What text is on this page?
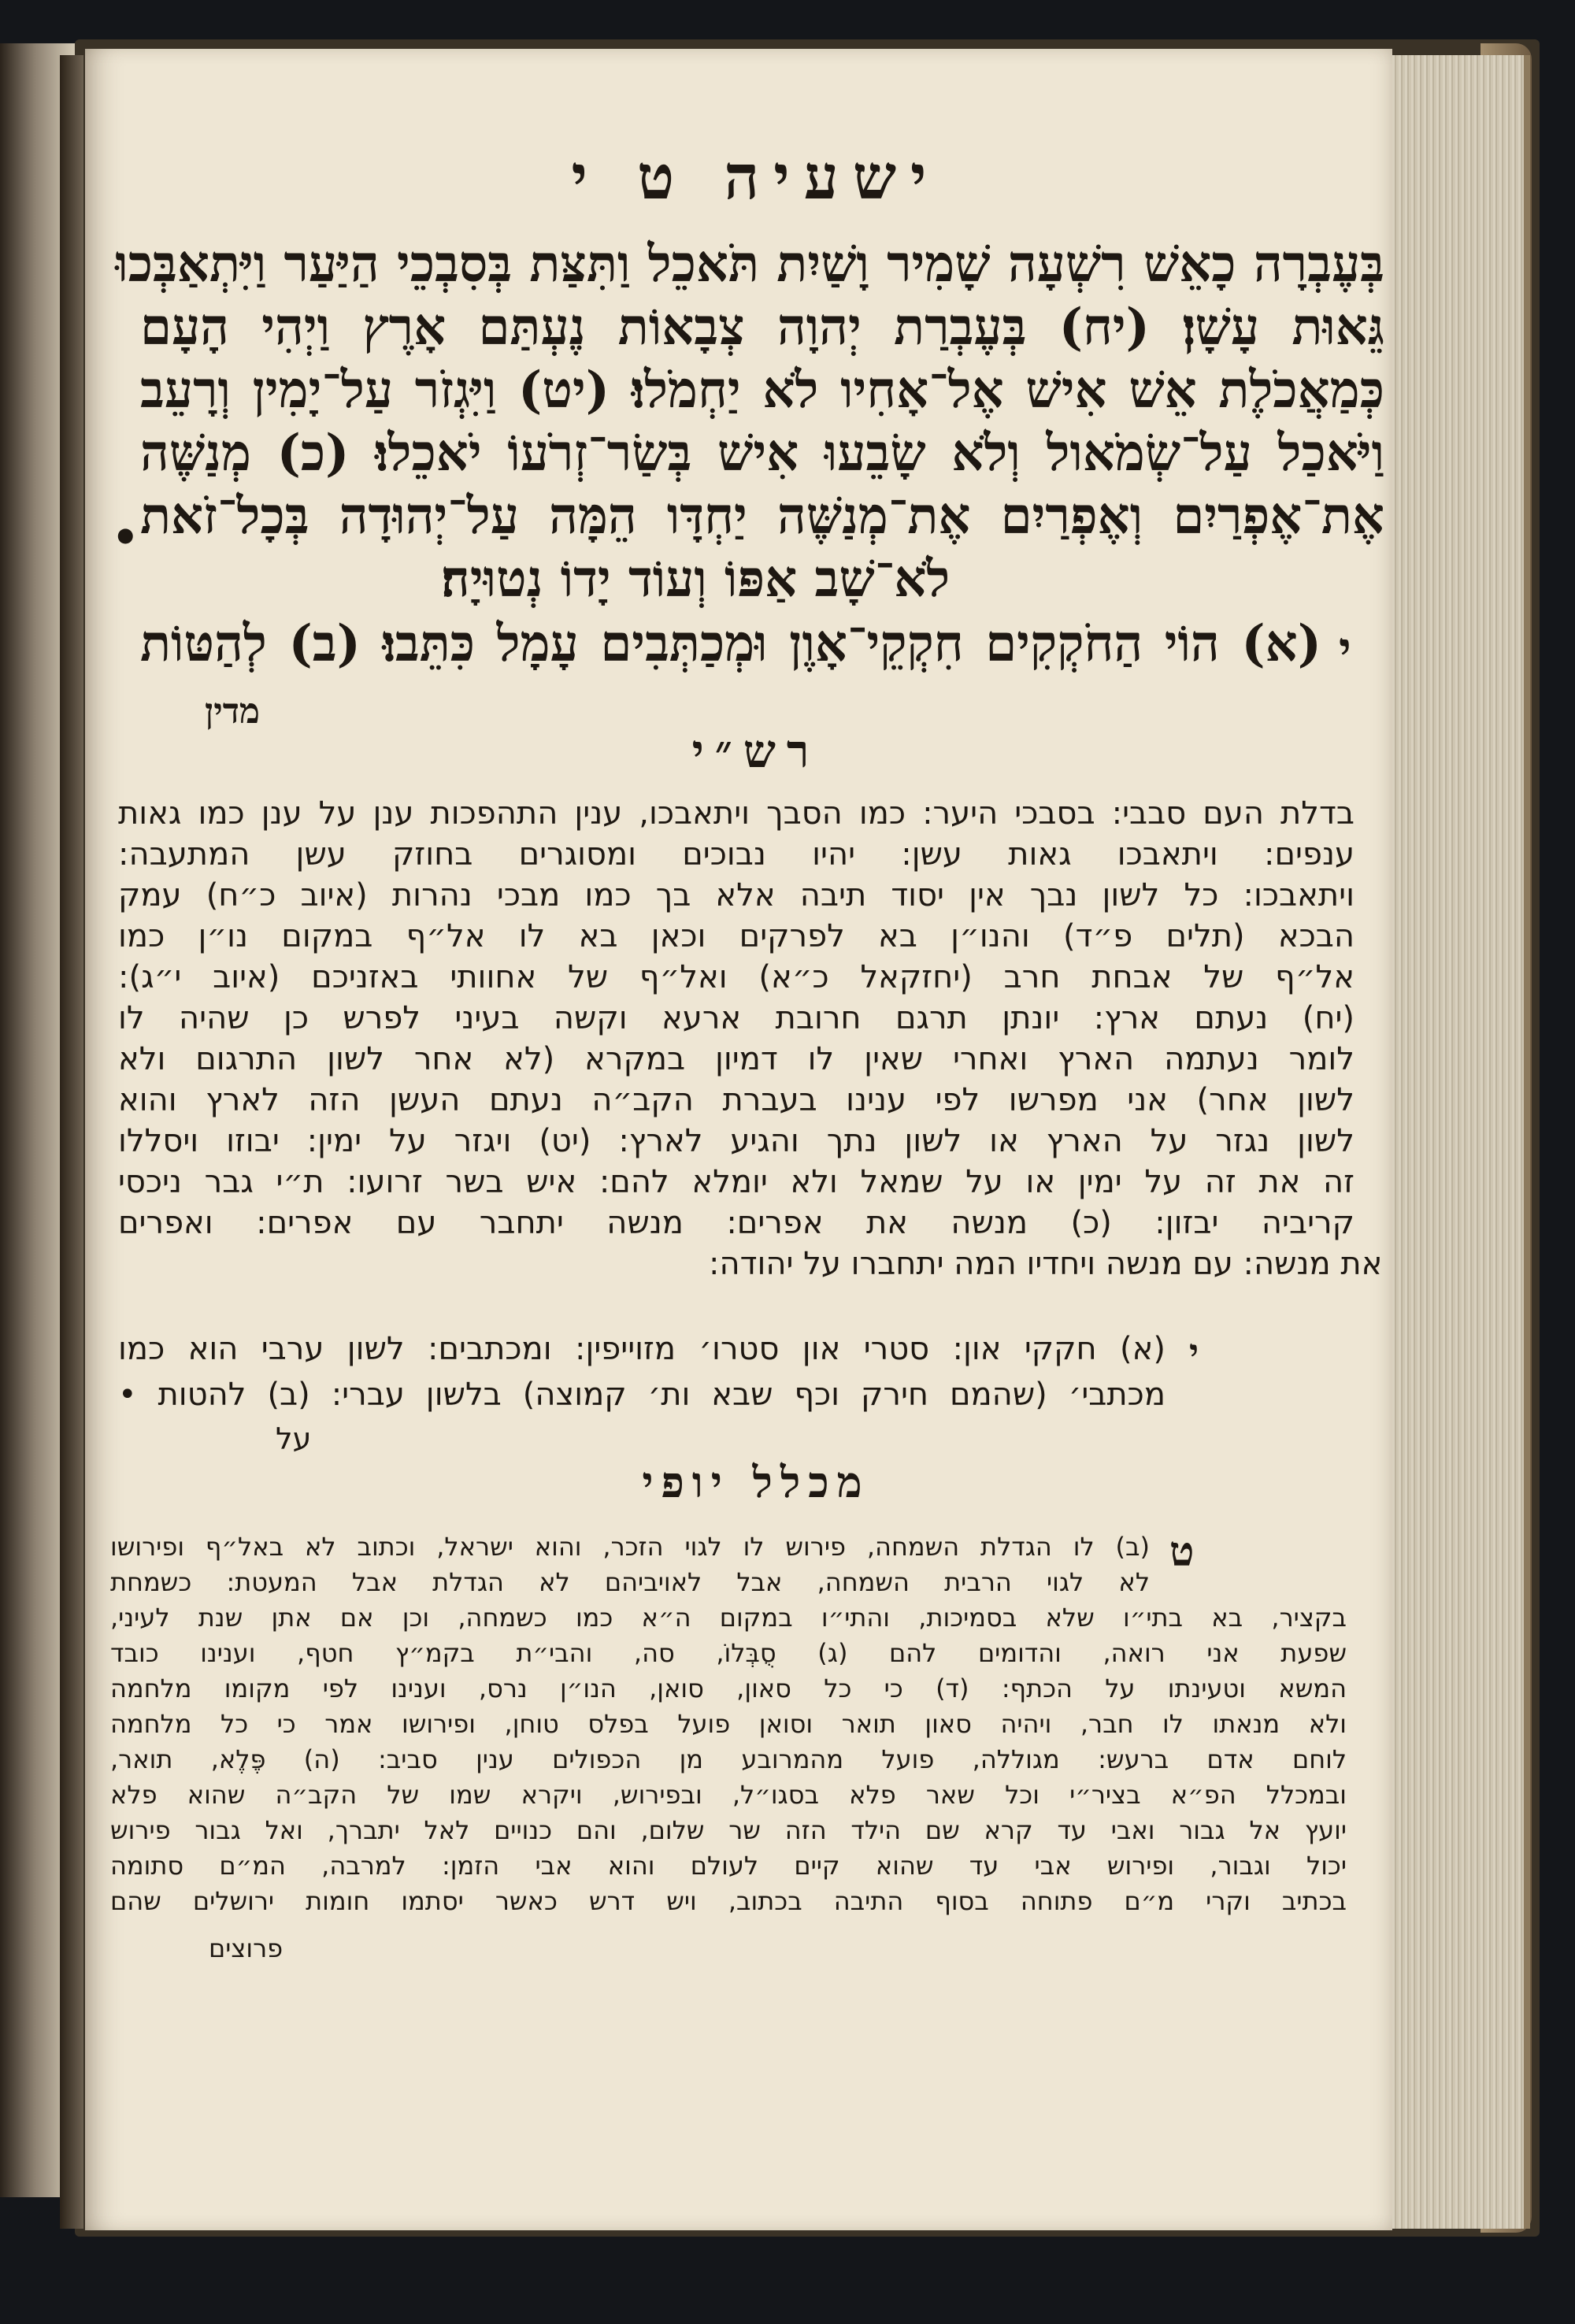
ישעיה ט י
בְּעֶבְרָה כָאֵשׁ רִשְׁעָה שָׁמִיר וָשַׁיִת תֹּאכֵל וַתִּצַּת בְּסִבְכֵי הַיַּעַר וַיִּתְאַבְּכוּ
גֵּאוּת עָשָׁן׃ (יח) בְּעֶבְרַת יְהוָה צְבָאוֹת נֶעְתַּם אָרֶץ וַיְהִי הָעָם
כְּמַאֲכֹלֶת אֵשׁ אִישׁ אֶל־אָחִיו לֹא יַחְמֹלוּ׃ (יט) וַיִּגְזֹר עַל־יָמִין וְרָעֵב
וַיֹּאכַל עַל־שְׂמֹאול וְלֹא שָׂבֵעוּ אִישׁ בְּשַׂר־זְרֹעוֹ יֹאכֵלוּ׃ (כ) מְנַשֶּׁה
אֶת־אֶפְרַיִם וְאֶפְרַיִם אֶת־מְנַשֶּׁה יַחְדָּו הֵמָּה עַל־יְהוּדָה בְּכָל־זֹאת
•
לֹא־שָׁב אַפּוֹ וְעוֹד יָדוֹ נְטוּיָה׃
י
(א) הוֹי הַחֹקְקִים חִקְקֵי־אָוֶן וּמְכַתְּבִים עָמָל כִּתֵּבוּ׃ (ב) לְהַטּוֹת
מדין
רש״י
בדלת העם סבבי: בסבכי היער: כמו הסבך ויתאבכו, ענין התהפכות ענן על ענן כמו גאות
ענפים: ויתאבכו גאות עשן: יהיו נבוכים ומסוגרים בחוזק עשן המתעבה:
ויתאבכו: כל לשון נבך אין יסוד תיבה אלא בך כמו מבכי נהרות (איוב כ״ח) עמק
הבכא (תלים פ״ד) והנו״ן בא לפרקים וכאן בא לו אל״ף במקום נו״ן כמו
אל״ף של אבחת חרב (יחזקאל כ״א) ואל״ף של אחוותי באזניכם (איוב י״ג):
(יח) נעתם ארץ: יונתן תרגם חרובת ארעא וקשה בעיני לפרש כן שהיה לו
לומר נעתמה הארץ ואחרי שאין לו דמיון במקרא (לא אחר לשון התרגום ולא
לשון אחר) אני מפרשו לפי ענינו בעברת הקב״ה נעתם העשן הזה לארץ והוא
לשון נגזר על הארץ או לשון נתך והגיע לארץ: (יט) ויגזר על ימין: יבוזו ויסללו
זה את זה על ימין או על שמאל ולא יומלא להם: איש בשר זרועו: ת״י גבר ניכסי
קריביה יבזון: (כ) מנשה את אפרים: מנשה יתחבר עם אפרים: ואפרים
את מנשה: עם מנשה ויחדיו המה יתחברו על יהודה:
י
(א) חקקי און: סטרי און סטרו׳ מזוייפין: ומכתבים: לשון ערבי הוא כמו
מכתבי׳ (שהמם חירק וכף שבא ות׳ קמוצה) בלשון עברי: (ב) להטות •
על
מכלל יופי
ט
(ב) לו הגדלת השמחה, פירוש לו לגוי הזכר, והוא ישראל, וכתוב לא באל״ף ופירושו
לא לגוי הרבית השמחה, אבל לאויביהם לא הגדלת אבל המעטת: כשמחת
בקציר, בא בתי״ו שלא בסמיכות, והתי״ו במקום ה״א כמו כשמחה, וכן אם אתן שנת לעיני,
שפעת אני רואה, והדומים להם (ג) סֻבְּלוֹ, סה, והבי״ת בקמ״ץ חטף, וענינו כובד
המשא וטעינתו על הכתף: (ד) כי כל סאון, סואן, הנו״ן נרס, וענינו לפי מקומו מלחמה
ולא מנאתו לו חבר, ויהיה סאון תואר וסואן פועל בפלס טוחן, ופירושו אמר כי כל מלחמה
לוחם אדם ברעש: מגוללה, פועל מהמרובע מן הכפולים ענין סביב: (ה) פֶּלֶא, תואר,
ובמכלל הפ״א בציר״י וכל שאר פלא בסגו״ל, ובפירוש, ויקרא שמו של הקב״ה שהוא פלא
יועץ אל גבור ואבי עד קרא שם הילד הזה שר שלום, והם כנויים לאל יתברך, ואל גבור פירוש
יכול וגבור, ופירוש אבי עד שהוא קיים לעולם והוא אבי הזמן: למרבה, המ״ם סתומה
בכתיב וקרי מ״ם פתוחה בסוף התיבה בכתוב, ויש דרש כאשר יסתמו חומות ירושלים שהם
פרוצים
